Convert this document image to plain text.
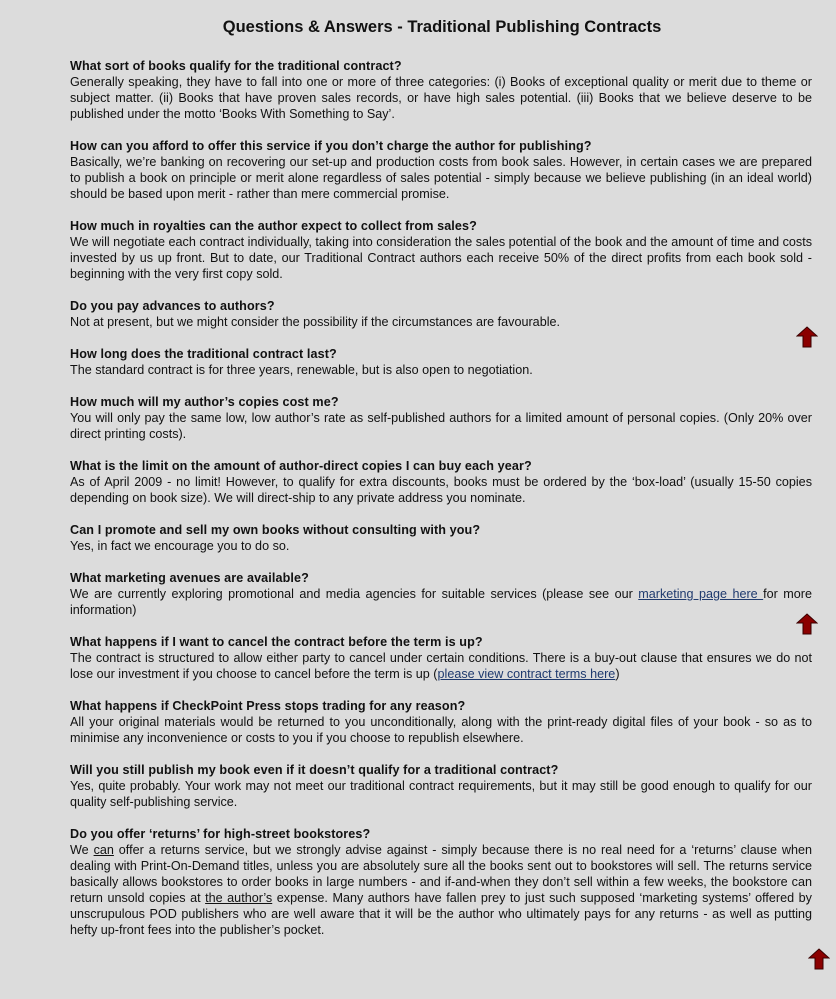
Questions & Answers - Traditional Publishing Contracts
What sort of books qualify for the traditional contract?
Generally speaking, they have to fall into one or more of three categories: (i) Books of exceptional quality or merit due to theme or subject matter. (ii) Books that have proven sales records, or have high sales potential. (iii) Books that we believe deserve to be published under the motto ‘Books With Something to Say’.
How can you afford to offer this service if you don’t charge the author for publishing?
Basically, we’re banking on recovering our set-up and production costs from book sales. However, in certain cases we are prepared to publish a book on principle or merit alone regardless of sales potential - simply because we believe publishing (in an ideal world) should be based upon merit - rather than mere commercial promise.
How much in royalties can the author expect to collect from sales?
We will negotiate each contract individually, taking into consideration the sales potential of the book and the amount of time and costs invested by us up front. But to date, our Traditional Contract authors each receive 50% of the direct profits from each book sold - beginning with the very first copy sold.
Do you pay advances to authors?
Not at present, but we might consider the possibility if the circumstances are favourable.
How long does the traditional contract last?
The standard contract is for three years, renewable, but is also open to negotiation.
How much will my author’s copies cost me?
You will only pay the same low, low author’s rate as self-published authors for a limited amount of personal copies. (Only 20% over direct printing costs).
What is the limit on the amount of author-direct copies I can buy each year?
As of April 2009 - no limit! However, to qualify for extra discounts, books must be ordered by the ‘box-load’ (usually 15-50 copies depending on book size). We will direct-ship to any private address you nominate.
Can I promote and sell my own books without consulting with you?
Yes, in fact we encourage you to do so.
What marketing avenues are available?
We are currently exploring promotional and media agencies for suitable services (please see our marketing page here for more information)
What happens if I want to cancel the contract before the term is up?
The contract is structured to allow either party to cancel under certain conditions. There is a buy-out clause that ensures we do not lose our investment if you choose to cancel before the term is up (please view contract terms here)
What happens if CheckPoint Press stops trading for any reason?
All your original materials would be returned to you unconditionally, along with the print-ready digital files of your book - so as to minimise any inconvenience or costs to you if you choose to republish elsewhere.
Will you still publish my book even if it doesn’t qualify for a traditional contract?
Yes, quite probably. Your work may not meet our traditional contract requirements, but it may still be good enough to qualify for our quality self-publishing service.
Do you offer ‘returns’ for high-street bookstores?
We can offer a returns service, but we strongly advise against - simply because there is no real need for a ‘returns’ clause when dealing with Print-On-Demand titles, unless you are absolutely sure all the books sent out to bookstores will sell. The returns service basically allows bookstores to order books in large numbers - and if-and-when they don’t sell within a few weeks, the bookstore can return unsold copies at the author’s expense. Many authors have fallen prey to just such supposed ‘marketing systems’ offered by unscrupulous POD publishers who are well aware that it will be the author who ultimately pays for any returns - as well as putting hefty up-front fees into the publisher’s pocket.
